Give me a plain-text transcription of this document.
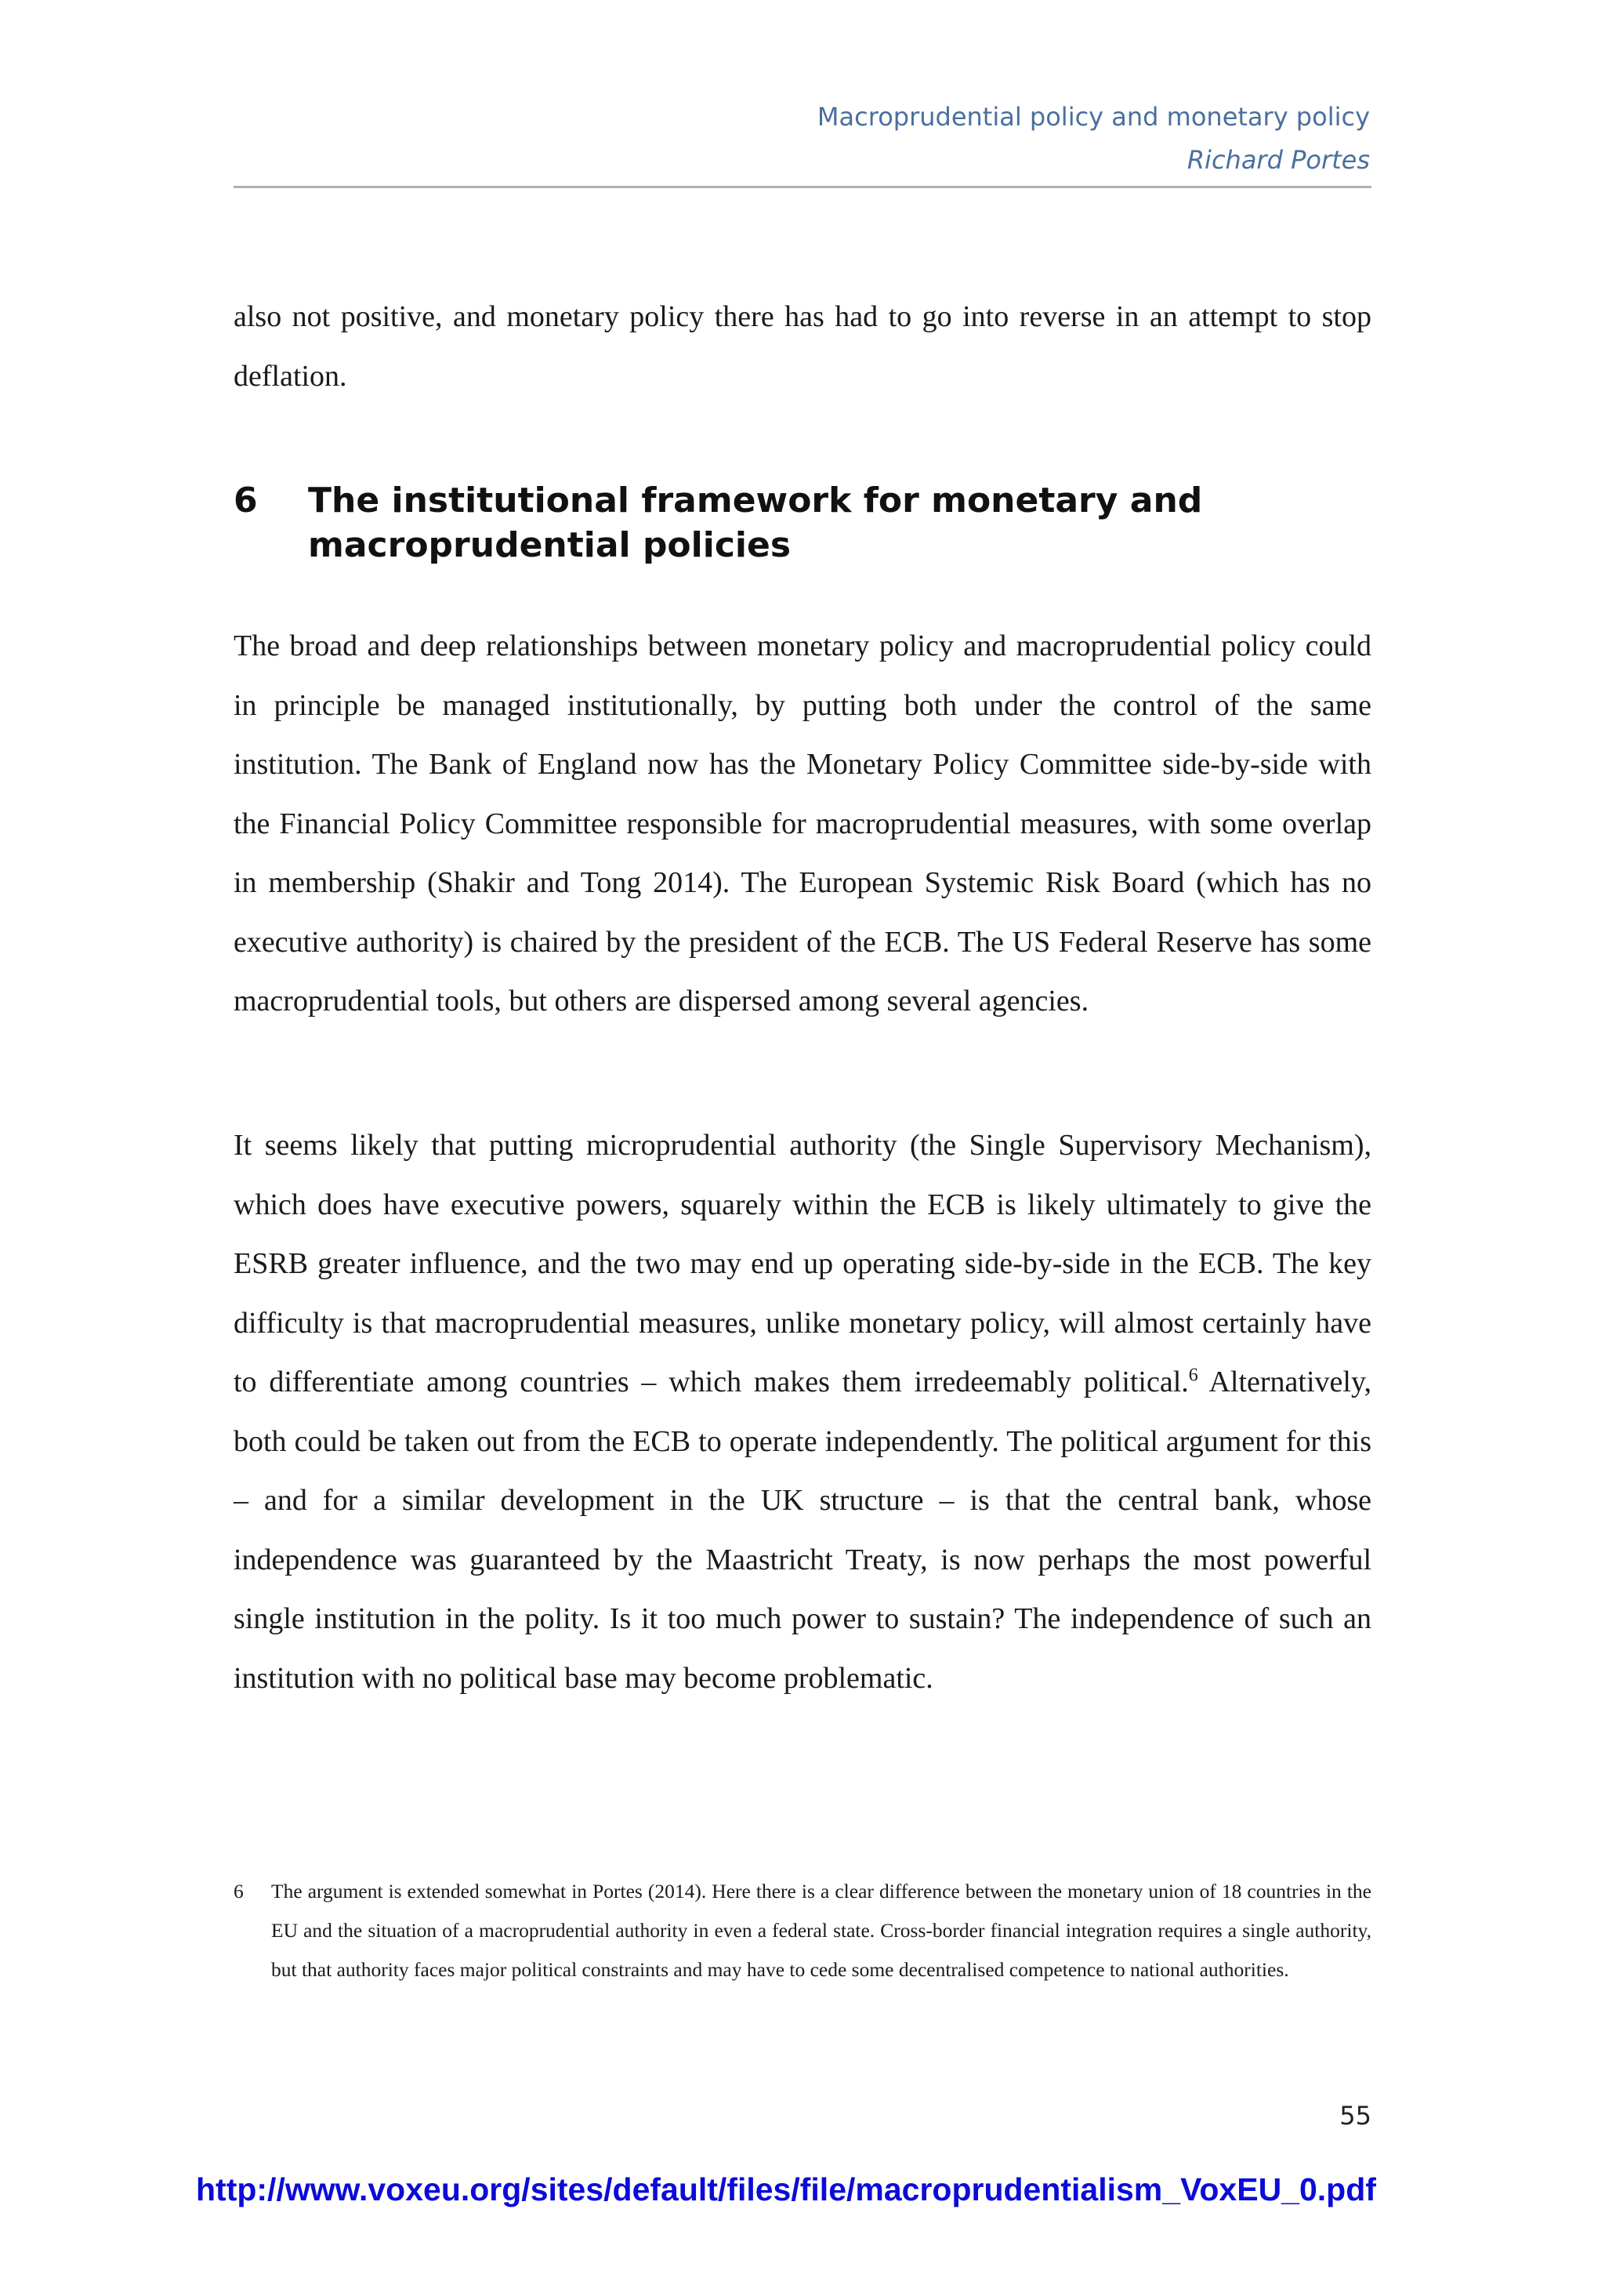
Macroprudential policy and monetary policy
Richard Portes

also not positive, and monetary policy there has had to go into reverse in an attempt to stop deflation.

6 The institutional framework for monetary and macroprudential policies

The broad and deep relationships between monetary policy and macroprudential policy could in principle be managed institutionally, by putting both under the control of the same institution. The Bank of England now has the Monetary Policy Committee side-by-side with the Financial Policy Committee responsible for macroprudential measures, with some overlap in membership (Shakir and Tong 2014). The European Systemic Risk Board (which has no executive authority) is chaired by the president of the ECB. The US Federal Reserve has some macroprudential tools, but others are dispersed among several agencies.

It seems likely that putting microprudential authority (the Single Supervisory Mechanism), which does have executive powers, squarely within the ECB is likely ultimately to give the ESRB greater influence, and the two may end up operating side-by-side in the ECB. The key difficulty is that macroprudential measures, unlike monetary policy, will almost certainly have to differentiate among countries – which makes them irredeemably political.$^6$ Alternatively, both could be taken out from the ECB to operate independently. The political argument for this – and for a similar development in the UK structure – is that the central bank, whose independence was guaranteed by the Maastricht Treaty, is now perhaps the most powerful single institution in the polity. Is it too much power to sustain? The independence of such an institution with no political base may become problematic.

6 The argument is extended somewhat in Portes (2014). Here there is a clear difference between the monetary union of 18 countries in the EU and the situation of a macroprudential authority in even a federal state. Cross-border financial integration requires a single authority, but that authority faces major political constraints and may have to cede some decentralised competence to national authorities.
55
http://www.voxeu.org/sites/default/files/file/macroprudentialism_VoxEU_0.pdf
